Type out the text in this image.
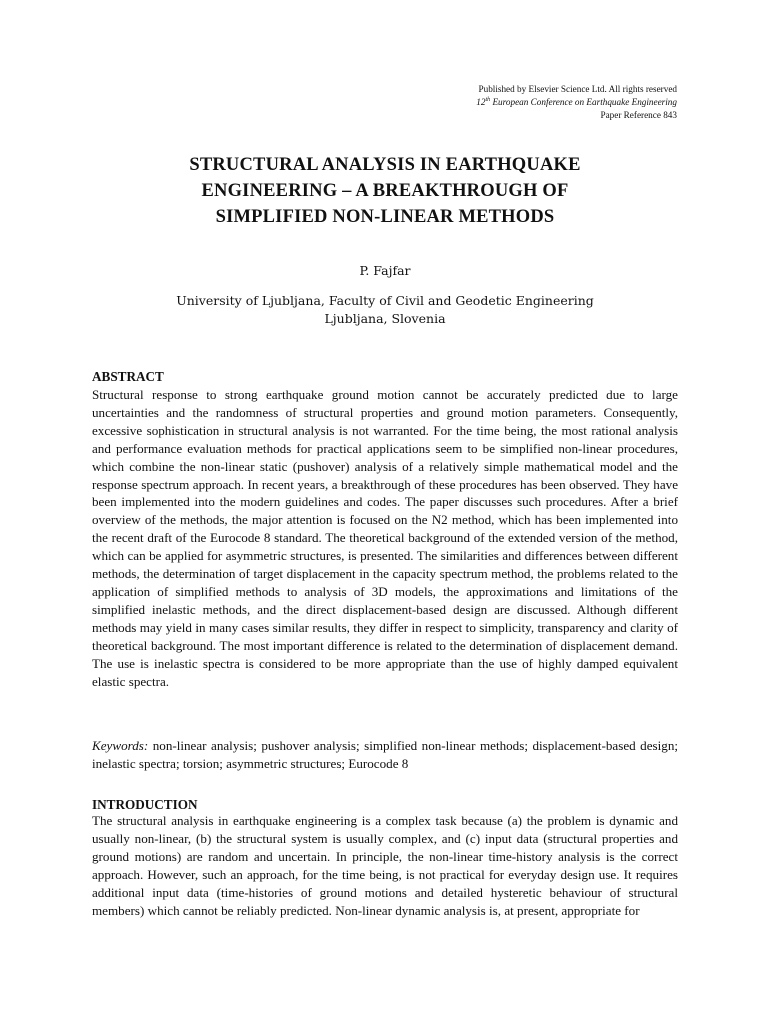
Published by Elsevier Science Ltd. All rights reserved
12th European Conference on Earthquake Engineering
Paper Reference 843
STRUCTURAL ANALYSIS IN EARTHQUAKE
ENGINEERING – A BREAKTHROUGH OF
SIMPLIFIED NON-LINEAR METHODS
P. Fajfar
University of Ljubljana, Faculty of Civil and Geodetic Engineering
Ljubljana, Slovenia
ABSTRACT

Structural response to strong earthquake ground motion cannot be accurately predicted due to large uncertainties and the randomness of structural properties and ground motion parameters. Consequently, excessive sophistication in structural analysis is not warranted. For the time being, the most rational analysis and performance evaluation methods for practical applications seem to be simplified non-linear procedures, which combine the non-linear static (pushover) analysis of a relatively simple mathematical model and the response spectrum approach. In recent years, a breakthrough of these procedures has been observed. They have been implemented into the modern guidelines and codes. The paper discusses such procedures. After a brief overview of the methods, the major attention is focused on the N2 method, which has been implemented into the recent draft of the Eurocode 8 standard. The theoretical background of the extended version of the method, which can be applied for asymmetric structures, is presented. The similarities and differences between different methods, the determination of target displacement in the capacity spectrum method, the problems related to the application of simplified methods to analysis of 3D models, the approximations and limitations of the simplified inelastic methods, and the direct displacement-based design are discussed. Although different methods may yield in many cases similar results, they differ in respect to simplicity, transparency and clarity of theoretical background. The most important difference is related to the determination of displacement demand. The use is inelastic spectra is considered to be more appropriate than the use of highly damped equivalent elastic spectra.

Keywords: non-linear analysis; pushover analysis; simplified non-linear methods; displacement-based design; inelastic spectra; torsion; asymmetric structures; Eurocode 8

INTRODUCTION

The structural analysis in earthquake engineering is a complex task because (a) the problem is dynamic and usually non-linear, (b) the structural system is usually complex, and (c) input data (structural properties and ground motions) are random and uncertain. In principle, the non-linear time-history analysis is the correct approach. However, such an approach, for the time being, is not practical for everyday design use. It requires additional input data (time-histories of ground motions and detailed hysteretic behaviour of structural members) which cannot be reliably predicted. Non-linear dynamic analysis is, at present, appropriate for
